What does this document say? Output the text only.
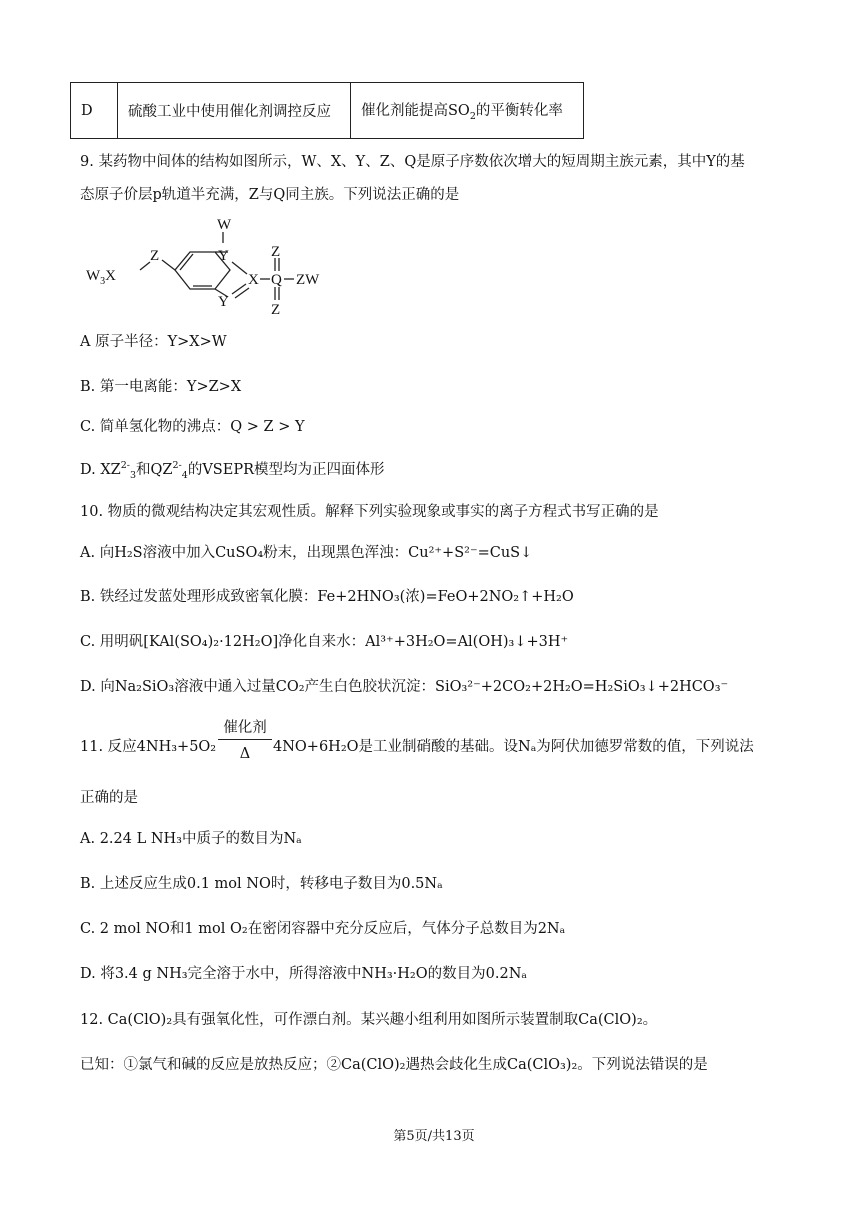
D	硫酸工业中使用催化剂调控反应	催化剂能提高$SO_2$的平衡转化率
9. 某药物中间体的结构如图所示，W、X、Y、Z、Q是原子序数依次增大的短周期主族元素，其中Y的基
态原子价层p轨道半充满，Z与Q同主族。下列说法正确的是
W
Y
Y
Z
$W_3X$	X Q
Z
Z
ZW
A 原子半径：Y>X>W
B. 第一电离能：Y>Z>X
C. 简单氢化物的沸点：Q > Z > Y
D. $XZ^{2-}_3$和$QZ^{2-}_4$的VSEPR模型均为正四面体形
10. 物质的微观结构决定其宏观性质。解释下列实验现象或事实的离子方程式书写正确的是
A. 向H₂S溶液中加入CuSO₄粉末，出现黑色浑浊：Cu²⁺+S²⁻=CuS↓
B. 铁经过发蓝处理形成致密氧化膜：Fe+2HNO₃(浓)=FeO+2NO₂↑+H₂O
C. 用明矾[KAl(SO₄)₂·12H₂O]净化自来水：Al³⁺+3H₂O=Al(OH)₃↓+3H⁺
D. 向Na₂SiO₃溶液中通入过量CO₂产生白色胶状沉淀：SiO₃²⁻+2CO₂+2H₂O=H₂SiO₃↓+2HCO₃⁻
11. 反应4NH₃+5O₂
催化剂
Δ	4NO+6H₂O是工业制硝酸的基础。设Nₐ为阿伏加德罗常数的值，下列说法
正确的是
A. 2.24 L NH₃中质子的数目为Nₐ
B. 上述反应生成0.1 mol NO时，转移电子数目为0.5Nₐ
C. 2 mol NO和1 mol O₂在密闭容器中充分反应后，气体分子总数目为2Nₐ
D. 将3.4 g NH₃完全溶于水中，所得溶液中NH₃·H₂O的数目为0.2Nₐ
12. Ca(ClO)₂具有强氧化性，可作漂白剂。某兴趣小组利用如图所示装置制取Ca(ClO)₂。
已知：①氯气和碱的反应是放热反应；②Ca(ClO)₂遇热会歧化生成Ca(ClO₃)₂。下列说法错误的是
第5页/共13页
